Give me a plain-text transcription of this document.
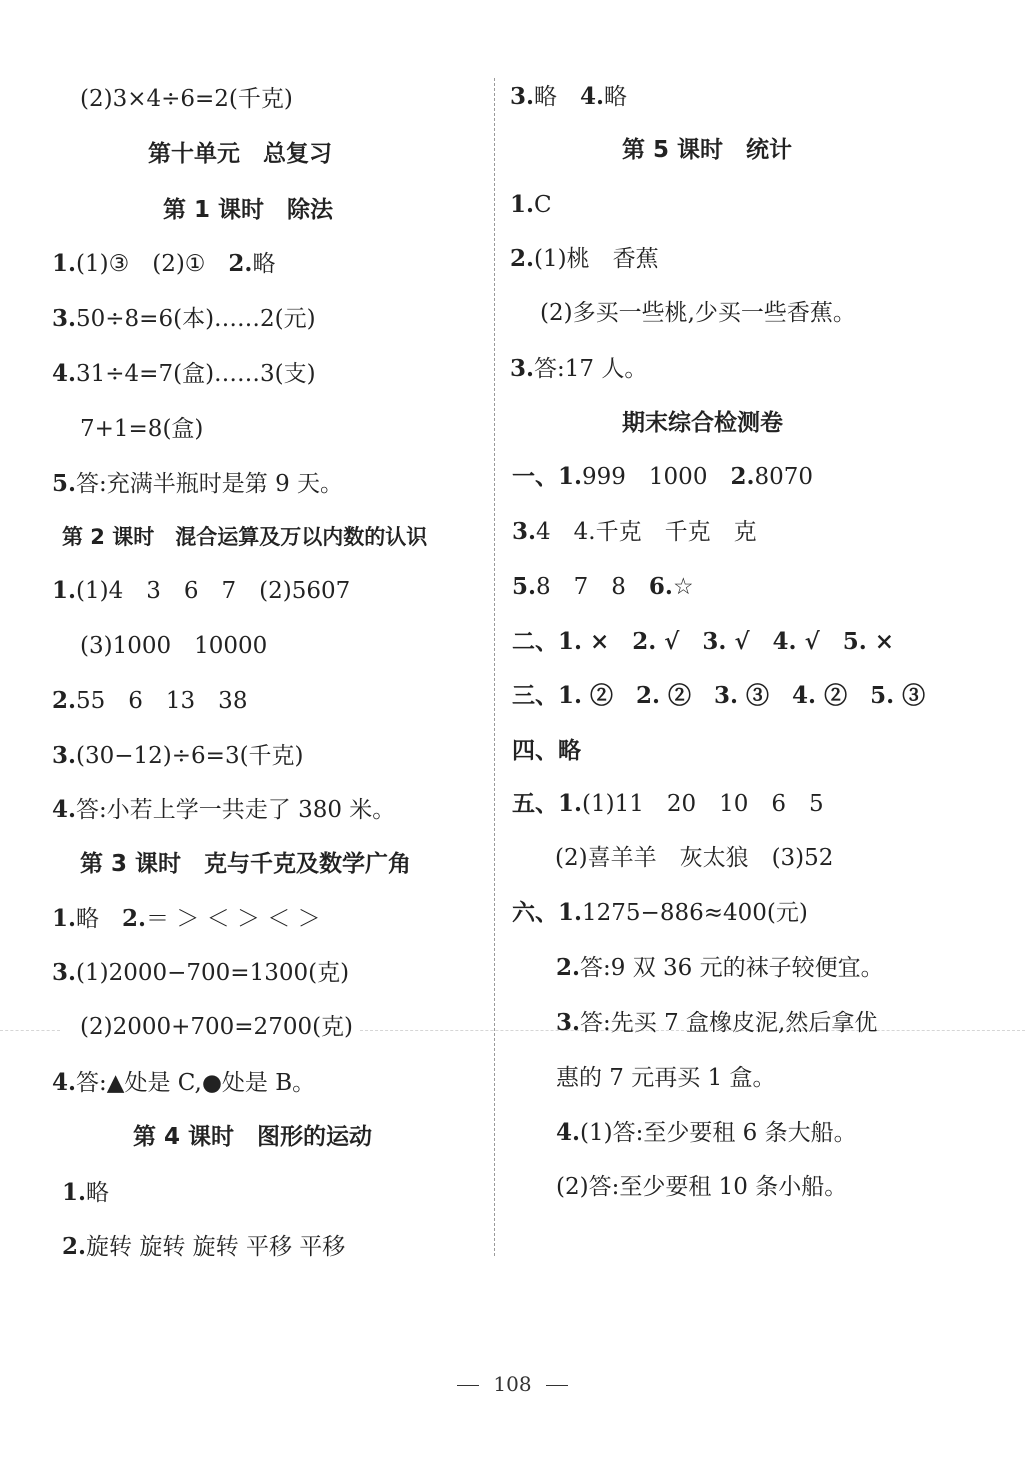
(2)3×4÷6=2(千克)
第十单元　总复习
第 1 课时　除法
1.(1)③　(2)①　2.略
3.50÷8=6(本)……2(元)
4.31÷4=7(盒)……3(支)
7+1=8(盒)
5.答:充满半瓶时是第 9 天。
第 2 课时　混合运算及万以内数的认识
1.(1)4　3　6　7　(2)5607
(3)1000　10000
2.55　6　13　38
3.(30−12)÷6=3(千克)
4.答:小若上学一共走了 380 米。
第 3 课时　克与千克及数学广角
1.略　2.＝ ＞ ＜ ＞ ＜ ＞
3.(1)2000−700=1300(克)
(2)2000+700=2700(克)
4.答:▲处是 C,●处是 B。
第 4 课时　图形的运动
1.略
2.旋转 旋转 旋转 平移 平移
3.略　4.略
第 5 课时　统计
1.C
2.(1)桃　香蕉
(2)多买一些桃,少买一些香蕉。
3.答:17 人。
期末综合检测卷
一、1.999　1000　2.8070
3.4　4.千克　千克　克
5.8　7　8　6.☆
二、1. ×　2. √　3. √　4. √　5. ×
三、1. ②　2. ②　3. ③　4. ②　5. ③
四、略
五、1.(1)11　20　10　6　5
(2)喜羊羊　灰太狼　(3)52
六、1.1275−886≈400(元)
2.答:9 双 36 元的袜子较便宜。
3.答:先买 7 盒橡皮泥,然后拿优
惠的 7 元再买 1 盒。
4.(1)答:至少要租 6 条大船。
(2)答:至少要租 10 条小船。
108
